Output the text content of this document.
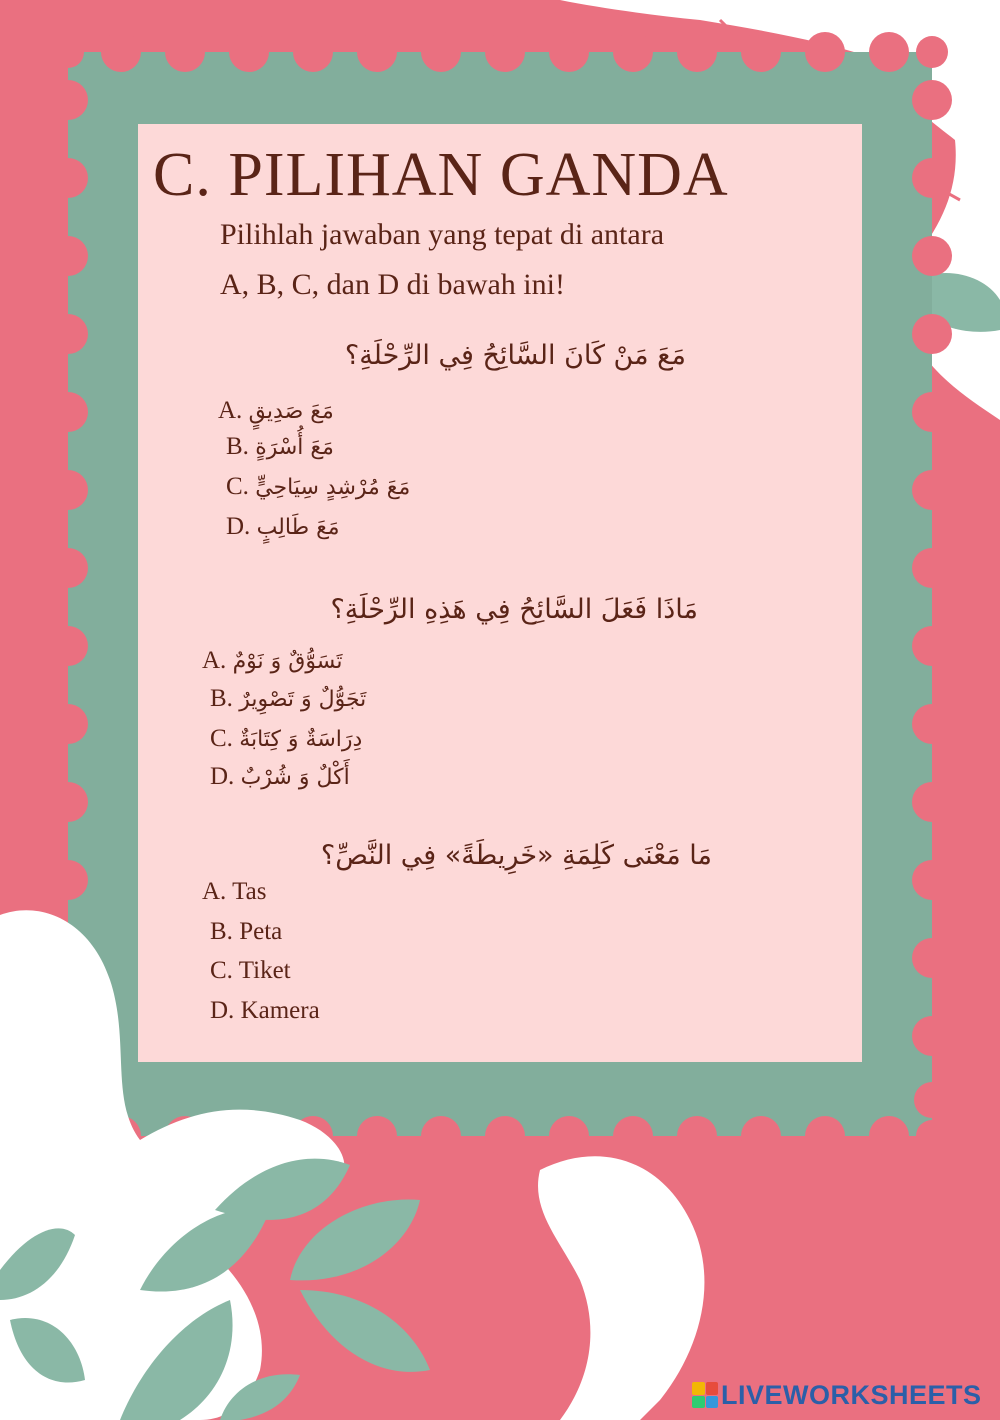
C. PILIHAN GANDA
Pilihlah jawaban yang tepat di antara
A, B, C, dan D di bawah ini!
مَعَ مَنْ كَانَ السَّائِحُ فِي الرِّحْلَةِ؟
A. مَعَ صَدِيقٍ
B. مَعَ أُسْرَةٍ
C. مَعَ مُرْشِدٍ سِيَاحِيٍّ
D. مَعَ طَالِبٍ
مَاذَا فَعَلَ السَّائِحُ فِي هَذِهِ الرِّحْلَةِ؟
A. تَسَوُّقٌ وَ نَوْمٌ
B. تَجَوُّلٌ وَ تَصْوِيرٌ
C. دِرَاسَةٌ وَ كِتَابَةٌ
D. أَكْلٌ وَ شُرْبٌ
مَا مَعْنَى كَلِمَةِ «خَرِيطَةً» فِي النَّصِّ؟
A. Tas
B. Peta
C. Tiket
D. Kamera
LIVEWORKSHEETS
